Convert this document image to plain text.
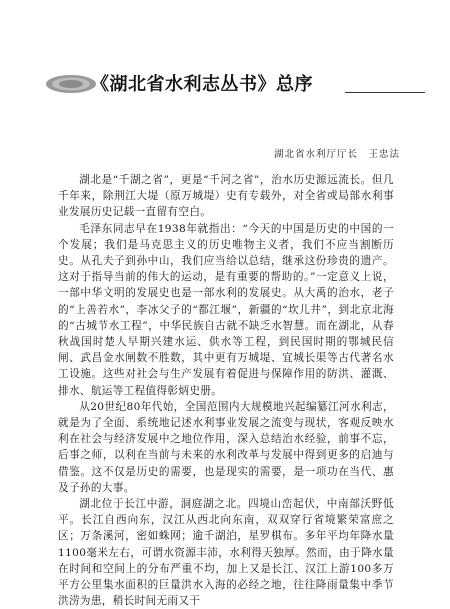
《湖北省水利志丛书》总序
湖北省水利厅厅长　王忠法

湖北是“千湖之省”，更是“千河之省”，治水历史源远流长。但几千年来，除荆江大堤（原万城堤）史有专载外，对全省或局部水利事业发展历史记载一直留有空白。

毛泽东同志早在1938年就指出：“今天的中国是历史的中国的一个发展；我们是马克思主义的历史唯物主义者，我们不应当割断历史。从孔夫子到孙中山，我们应当给以总结，继承这份珍贵的遗产。这对于指导当前的伟大的运动，是有重要的帮助的。”一定意义上说，一部中华文明的发展史也是一部水利的发展史。从大禹的治水，老子的“上善若水”，李冰父子的“都江堰”，新疆的“坎儿井”，到北京北海的“古城节水工程”，中华民族自古就不缺乏水智慧。而在湖北，从春秋战国时楚人早期兴建水运、供水等工程，到民国时期的鄂城民信闸、武昌金水闸数不胜数，其中更有万城堤、宜城长渠等古代著名水工设施。这些对社会与生产发展有着促进与保障作用的防洪、灌溉、排水、航运等工程值得彰炳史册。

从20世纪80年代始，全国范围内大规模地兴起编纂江河水利志，就是为了全面、系统地记述水利事业发展之流变与现状，客观反映水利在社会与经济发展中之地位作用，深入总结治水经验，前事不忘，后事之师，以利在当前与未来的水利改革与发展中得到更多的启迪与借鉴。这不仅是历史的需要，也是现实的需要，是一项功在当代、惠及子孙的大事。

湖北位于长江中游，洞庭湖之北。四境山峦起伏，中南部沃野低平。长江自西向东，汉江从西北向东南，双双穿行省境繁荣富庶之区；万条溪河，密如蛛网；逾千湖泊，星罗棋布。多年平均年降水量1100毫米左右，可谓水资源丰沛，水利得天独厚。然而，由于降水量在时间和空间上的分布严重不均，加上又是长江、汉江上游100多万平方公里集水面积的巨量洪水入海的必经之地，往往降雨量集中季节洪涝为患，稍长时间无雨又干
